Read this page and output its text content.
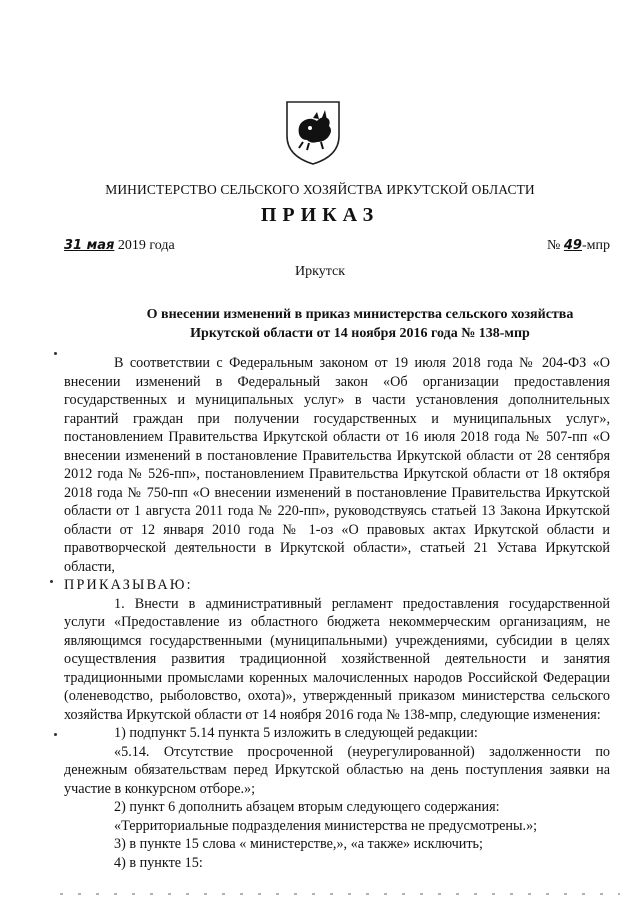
МИНИСТЕРСТВО СЕЛЬСКОГО ХОЗЯЙСТВА ИРКУТСКОЙ ОБЛАСТИ
ПРИКАЗ
31 мая 2019 года	№ 49-мпр
Иркутск
О внесении изменений в приказ министерства сельского хозяйства
Иркутской области от 14 ноября 2016 года № 138-мпр

В соответствии с Федеральным законом от 19 июля 2018 года № 204-ФЗ «О внесении изменений в Федеральный закон «Об организации предоставления государственных и муниципальных услуг» в части установления дополнительных гарантий граждан при получении государственных и муниципальных услуг», постановлением Правительства Иркутской области от 16 июля 2018 года № 507-пп «О внесении изменений в постановление Правительства Иркутской области от 28 сентября 2012 года № 526-пп», постановлением Правительства Иркутской области от 18 октября 2018 года № 750-пп «О внесении изменений в постановление Правительства Иркутской области от 1 августа 2011 года № 220-пп», руководствуясь статьей 13 Закона Иркутской области от 12 января 2010 года № 1-оз «О правовых актах Иркутской области и правотворческой деятельности в Иркутской области», статьей 21 Устава Иркутской области,

ПРИКАЗЫВАЮ:

1. Внести в административный регламент предоставления государственной услуги «Предоставление из областного бюджета некоммерческим организациям, не являющимся государственными (муниципальными) учреждениями, субсидии в целях осуществления развития традиционной хозяйственной деятельности и занятия традиционными промыслами коренных малочисленных народов Российской Федерации (оленеводство, рыболовство, охота)», утвержденный приказом министерства сельского хозяйства Иркутской области от 14 ноября 2016 года № 138-мпр, следующие изменения:

1) подпункт 5.14 пункта 5 изложить в следующей редакции:

«5.14. Отсутствие просроченной (неурегулированной) задолженности по денежным обязательствам перед Иркутской областью на день поступления заявки на участие в конкурсном отборе.»;

2) пункт 6 дополнить абзацем вторым следующего содержания:

«Территориальные подразделения министерства не предусмотрены.»;

3) в пункте 15 слова « министерстве,», «а также» исключить;

4) в пункте 15:
